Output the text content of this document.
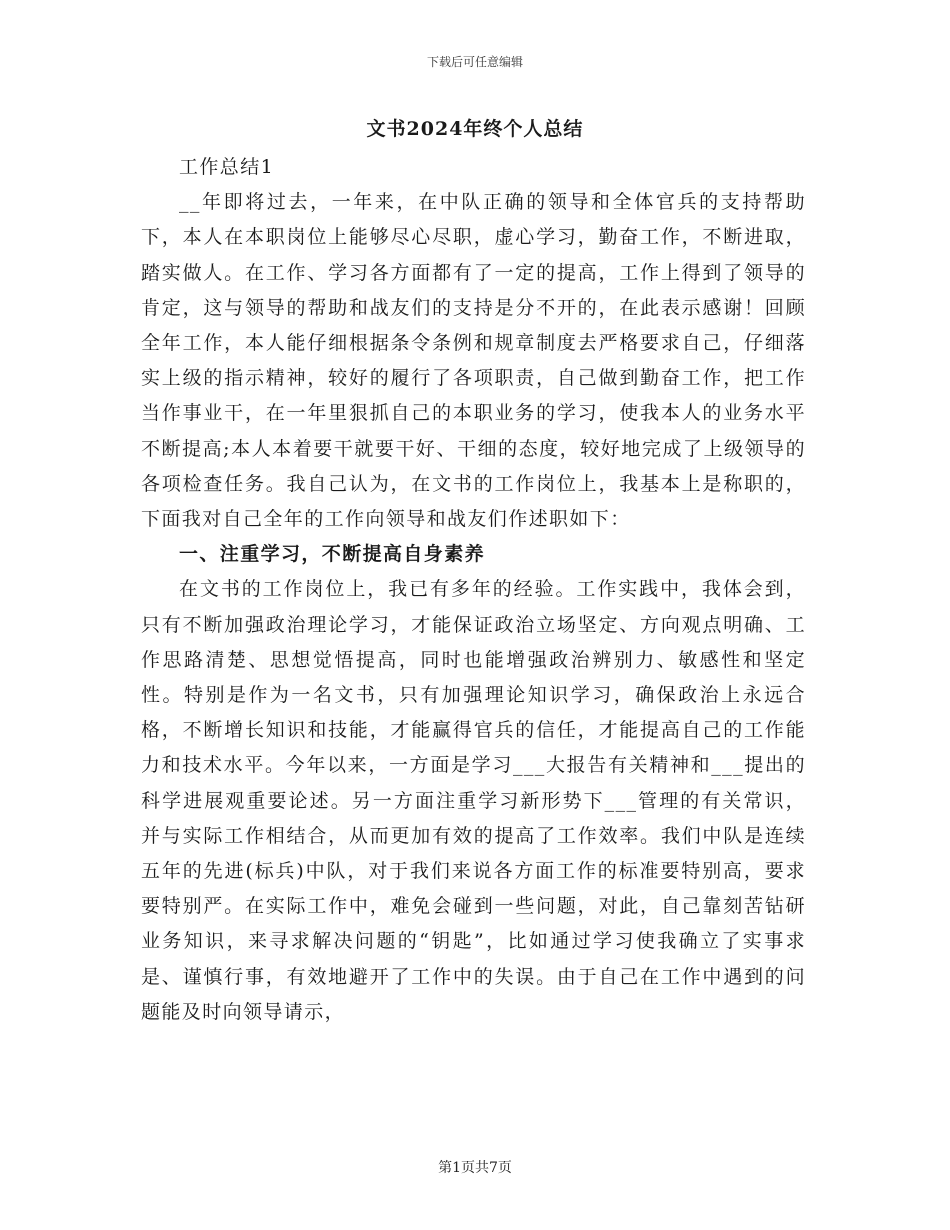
下载后可任意编辑
文书2024年终个人总结

工作总结1

__年即将过去，一年来，在中队正确的领导和全体官兵的支持帮助下，本人在本职岗位上能够尽心尽职，虚心学习，勤奋工作，不断进取，踏实做人。在工作、学习各方面都有了一定的提高，工作上得到了领导的肯定，这与领导的帮助和战友们的支持是分不开的，在此表示感谢！回顾全年工作，本人能仔细根据条令条例和规章制度去严格要求自己，仔细落实上级的指示精神，较好的履行了各项职责，自己做到勤奋工作，把工作当作事业干，在一年里狠抓自己的本职业务的学习，使我本人的业务水平不断提高;本人本着要干就要干好、干细的态度，较好地完成了上级领导的各项检查任务。我自己认为，在文书的工作岗位上，我基本上是称职的，下面我对自己全年的工作向领导和战友们作述职如下：

一、注重学习，不断提高自身素养

在文书的工作岗位上，我已有多年的经验。工作实践中，我体会到，只有不断加强政治理论学习，才能保证政治立场坚定、方向观点明确、工作思路清楚、思想觉悟提高，同时也能增强政治辨别力、敏感性和坚定性。特别是作为一名文书，只有加强理论知识学习，确保政治上永远合格，不断增长知识和技能，才能赢得官兵的信任，才能提高自己的工作能力和技术水平。今年以来，一方面是学习___大报告有关精神和___提出的科学进展观重要论述。另一方面注重学习新形势下___管理的有关常识，并与实际工作相结合，从而更加有效的提高了工作效率。我们中队是连续五年的先进(标兵)中队，对于我们来说各方面工作的标准要特别高，要求要特别严。在实际工作中，难免会碰到一些问题，对此，自己靠刻苦钻研业务知识，来寻求解决问题的“钥匙”，比如通过学习使我确立了实事求是、谨慎行事，有效地避开了工作中的失误。由于自己在工作中遇到的问题能及时向领导请示，

第1页共7页
